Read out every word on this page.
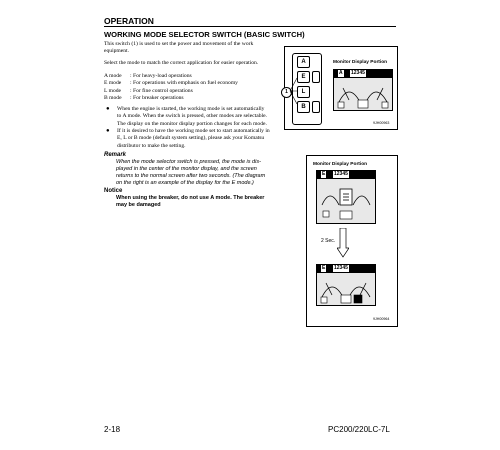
OPERATION
WORKING MODE SELECTOR SWITCH (BASIC SWITCH)
This switch (1) is used to set the power and movement of the work
equipment.
Select the mode to match the correct application for easier operation.
A mode : For heavy-load operations
E mode : For operations with emphasis on fuel economy
L mode : For fine control operations
B mode : For breaker operations
● When the engine is started, the working mode is set automatically
to A mode. When the switch is pressed, other modes are selectable.
The display on the monitor display portion changes for each mode.
● If it is desired to have the working mode set to start automatically in
E, L or B mode (default system setting), please ask your Komatsu
distributor to make the setting.
Remark
When the mode selector switch is pressed, the mode is dis-
played in the center of the monitor display, and the screen
returns to the normal screen after two seconds. (The diagram
on the right is an example of the display for the E mode.)
Notice
When using the breaker, do not use A mode. The breaker
may be damaged
A
E
L
B
1
Monitor Display Portion
A 12345
9JH00963
Monitor Display Portion
E 12345
2 Sec.
E 12345
9JH00964
2-18	PC200/220LC-7L
